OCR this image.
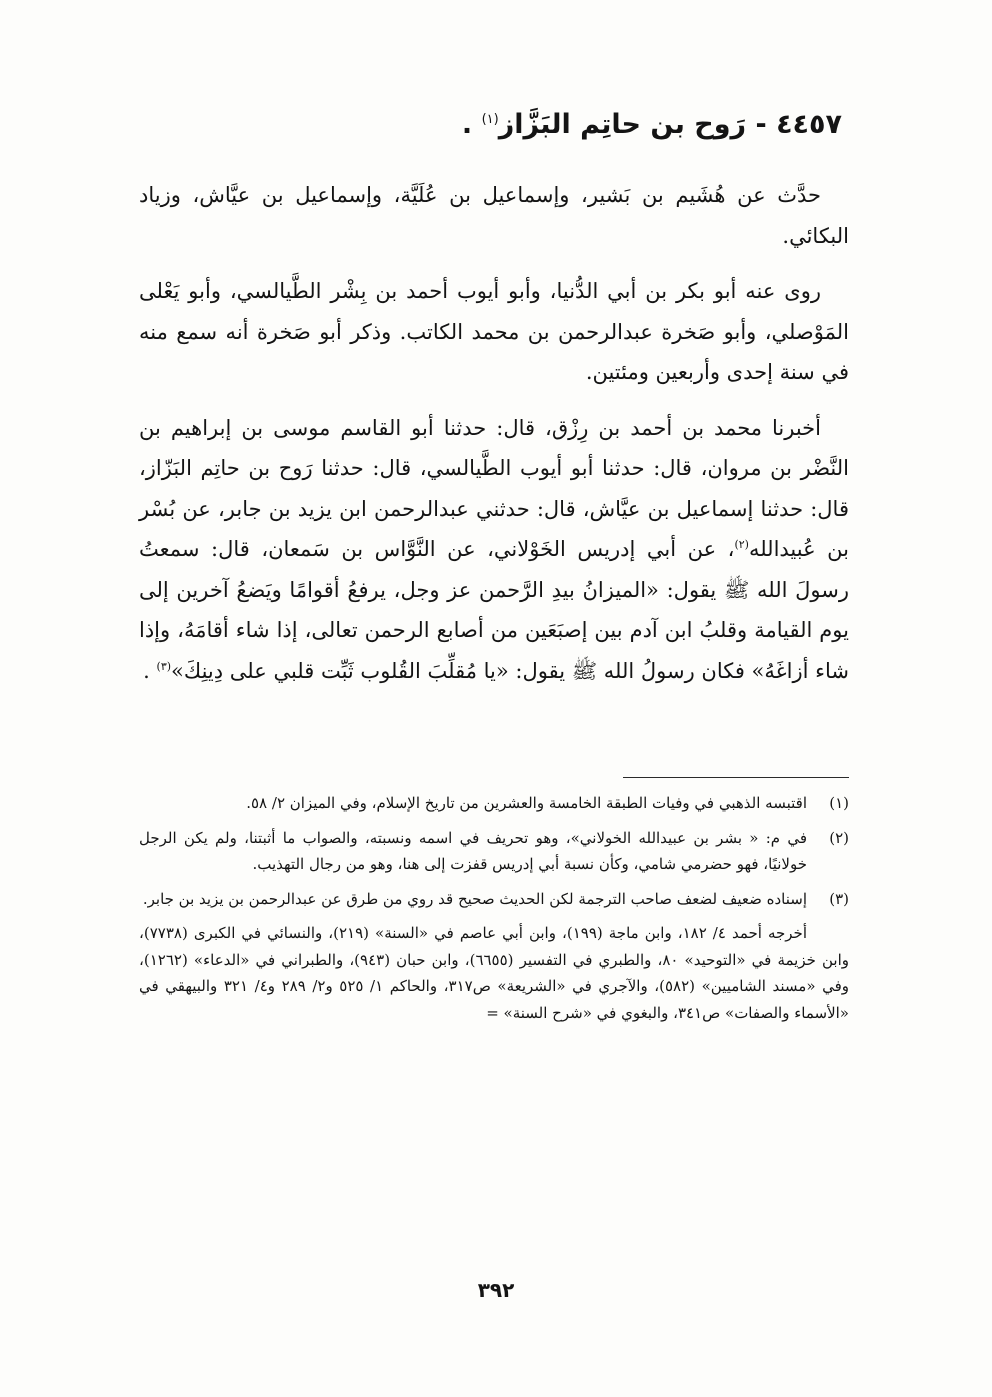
٤٤٥٧ - رَوح بن حاتِم البَزَّاز$^{(١)}$ .

حدَّث عن هُشَيم بن بَشير، وإسماعيل بن عُلَيَّة، وإسماعيل بن عيَّاش، وزياد البكائي.

روى عنه أبو بكر بن أبي الدُّنيا، وأبو أيوب أحمد بن بِشْر الطَّيالسي، وأبو يَعْلى المَوْصلي، وأبو صَخرة عبدالرحمن بن محمد الكاتب. وذكر أبو صَخرة أنه سمع منه في سنة إحدى وأربعين ومئتين.

أخبرنا محمد بن أحمد بن رِزْق، قال: حدثنا أبو القاسم موسى بن إبراهيم بن النَّضْر بن مروان، قال: حدثنا أبو أيوب الطَّيالسي، قال: حدثنا رَوح بن حاتِم البَزّاز، قال: حدثنا إسماعيل بن عيَّاش، قال: حدثني عبدالرحمن ابن يزيد بن جابر، عن بُسْر بن عُبيدالله$^{(٢)}$، عن أبي إدريس الخَوْلاني، عن النَّوَّاس بن سَمعان، قال: سمعتُ رسولَ الله ﷺ يقول: «الميزانُ بيدِ الرَّحمن عز وجل، يرفعُ أقوامًا ويَضعُ آخرين إلى يوم القيامة وقلبُ ابن آدم بين إصبَعَين من أصابع الرحمن تعالى، إذا شاء أقامَهُ، وإذا شاء أزاغَهُ» فكان رسولُ الله ﷺ يقول: «يا مُقلِّبَ القُلوب ثَبِّت قلبي على دِينِكَ»$^{(٣)}$ .

(١)
اقتبسه الذهبي في وفيات الطبقة الخامسة والعشرين من تاريخ الإسلام، وفي الميزان ٢/ ٥٨.
(٢)
في م: « بشر بن عبيدالله الخولاني»، وهو تحريف في اسمه ونسبته، والصواب ما أثبتنا، ولم يكن الرجل خولانيًا، فهو حضرمي شامي، وكأن نسبة أبي إدريس قفزت إلى هنا، وهو من رجال التهذيب.
(٣)
إسناده ضعيف لضعف صاحب الترجمة لكن الحديث صحيح قد روي من طرق عن عبدالرحمن بن يزيد بن جابر.
أخرجه أحمد ٤/ ١٨٢، وابن ماجة (١٩٩)، وابن أبي عاصم في «السنة» (٢١٩)، والنسائي في الكبرى (٧٧٣٨)، وابن خزيمة في «التوحيد» ٨٠، والطبري في التفسير (٦٦٥٥)، وابن حبان (٩٤٣)، والطبراني في «الدعاء» (١٢٦٢)، وفي «مسند الشاميين» (٥٨٢)، والآجري في «الشريعة» ص٣١٧، والحاكم ١/ ٥٢٥ و٢/ ٢٨٩ و٤/ ٣٢١ والبيهقي في «الأسماء والصفات» ص٣٤١، والبغوي في «شرح السنة» =
٣٩٢
